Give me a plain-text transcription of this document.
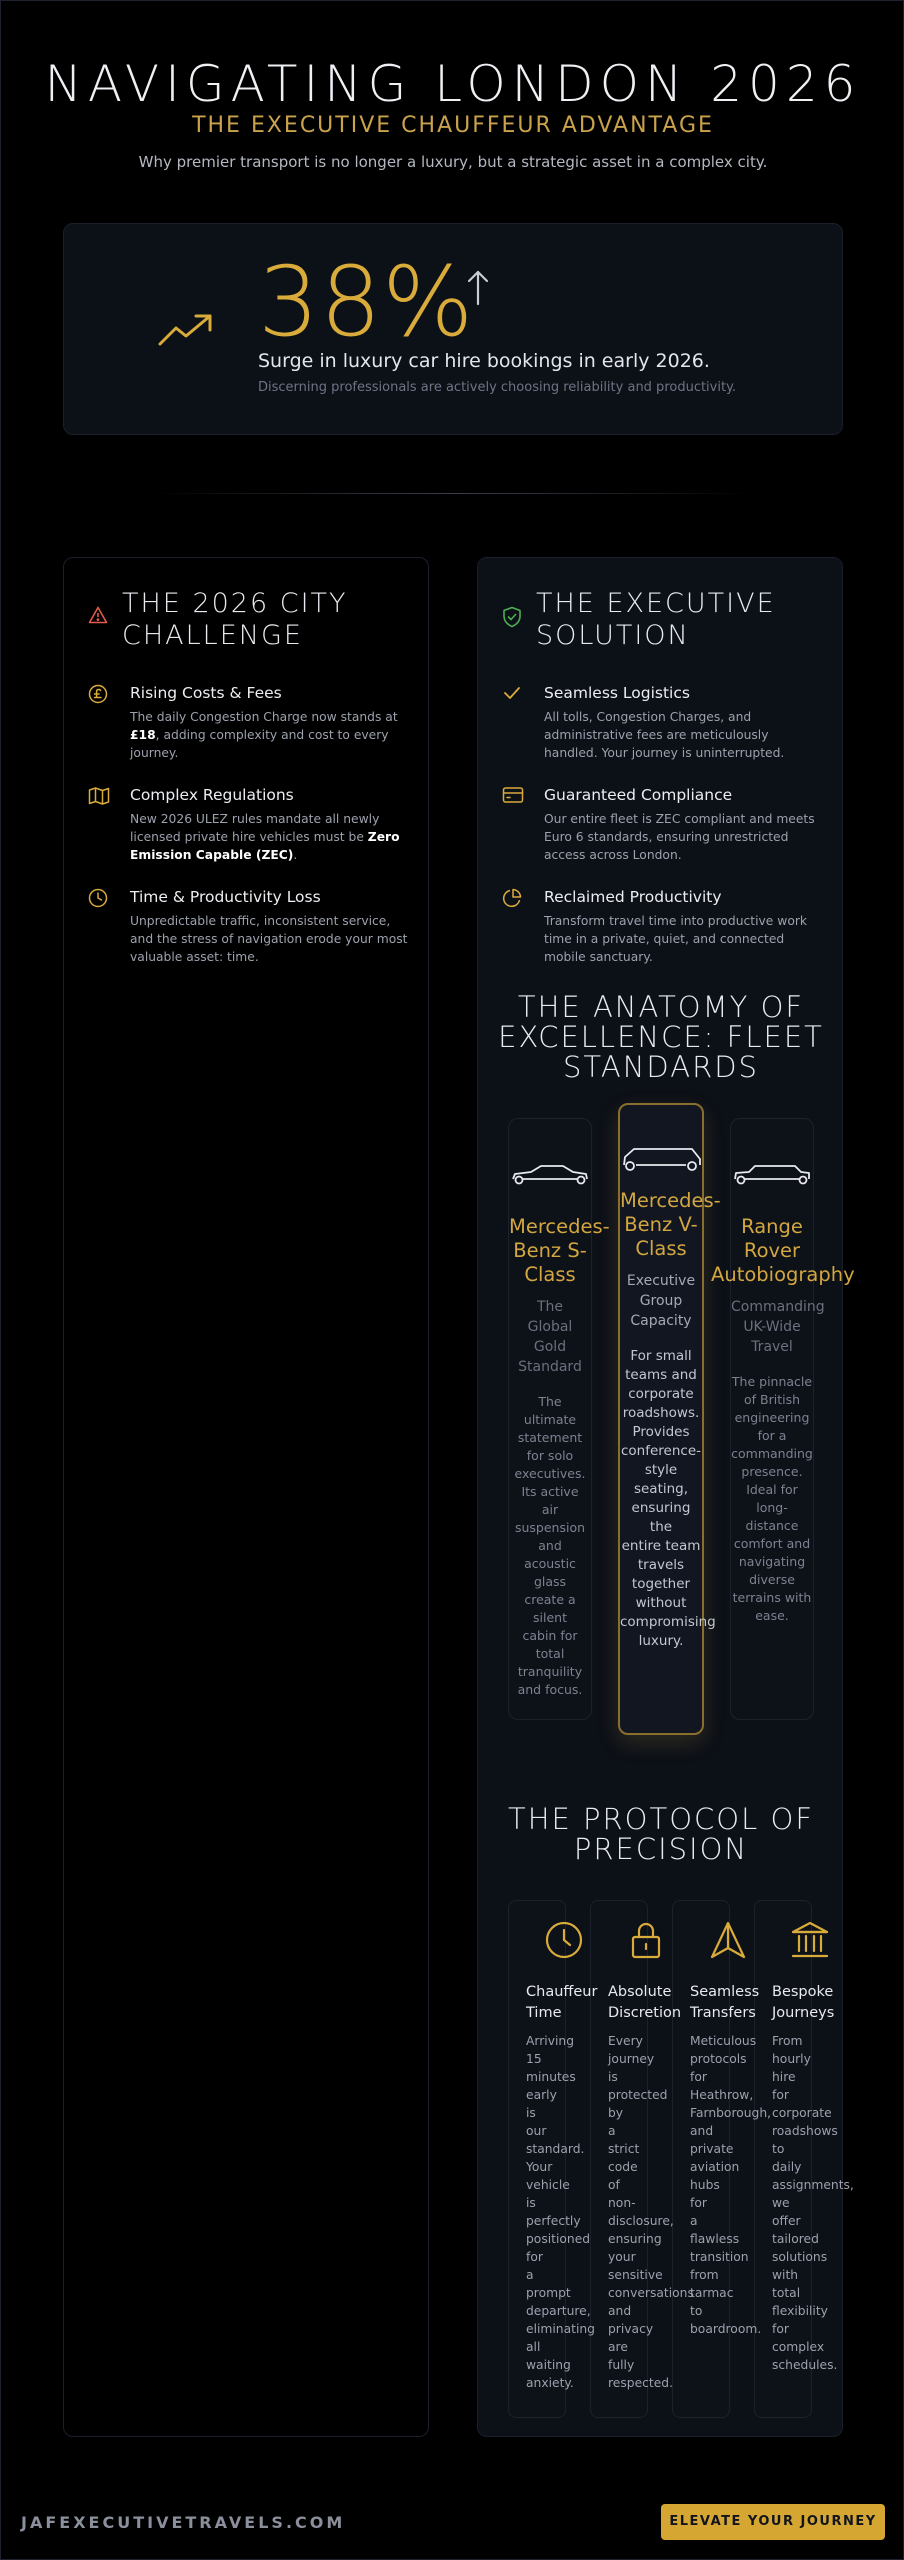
NAVIGATING LONDON 2026
THE EXECUTIVE CHAUFFEUR ADVANTAGE
Why premier transport is no longer a luxury, but a strategic asset in a complex city.
38%
Surge in luxury car hire bookings in early 2026.
Discerning professionals are actively choosing reliability and productivity.
THE 2026 CITY
CHALLENGE
Rising Costs & Fees
The daily Congestion Charge now stands at £18, adding complexity and cost to every journey.
Complex Regulations
New 2026 ULEZ rules mandate all newly licensed private hire vehicles must be Zero Emission Capable (ZEC).
Time & Productivity Loss
Unpredictable traffic, inconsistent service, and the stress of navigation erode your most valuable asset: time.
THE EXECUTIVE
SOLUTION
Seamless Logistics
All tolls, Congestion Charges, and administrative fees are meticulously handled. Your journey is uninterrupted.
Guaranteed Compliance
Our entire fleet is ZEC compliant and meets Euro 6 standards, ensuring unrestricted access across London.
Reclaimed Productivity
Transform travel time into productive work time in a private, quiet, and connected mobile sanctuary.
THE ANATOMY OF
EXCELLENCE: FLEET
STANDARDS
Mercedes-
Benz S-
Class
The
Global
Gold
Standard
The
ultimate
statement
for solo
executives.
Its active
air
suspension
and
acoustic
glass
create a
silent
cabin for
total
tranquility
and focus.
Mercedes-
Benz V-
Class
Executive
Group
Capacity
For small
teams and
corporate
roadshows.
Provides
conference-
style seating,
ensuring the
entire team
travels
together
without
compromising
luxury.
Range Rover
Autobiography
Commanding
UK-Wide
Travel
The pinnacle
of British
engineering
for a
commanding
presence.
Ideal for
long-
distance
comfort and
navigating
diverse
terrains with
ease.
THE PROTOCOL OF
PRECISION
Chauffeur
Time
Arriving
15
minutes
early
is
our
standard.
Your
vehicle
is
perfectly
positioned
for
a
prompt
departure,
eliminating
all
waiting
anxiety.
Absolute
Discretion
Every
journey
is
protected
by
a
strict
code
of
non-
disclosure,
ensuring
your
sensitive
conversations
and
privacy
are
fully
respected.
Seamless
Transfers
Meticulous
protocols
for
Heathrow,
Farnborough,
and
private
aviation
hubs
for
a
flawless
transition
from
tarmac
to
boardroom.
Bespoke
Journeys
From
hourly
hire
for
corporate
roadshows
to
daily
assignments,
we
offer
tailored
solutions
with
total
flexibility
for
complex
schedules.
JAFEXECUTIVETRAVELS.COM	ELEVATE YOUR JOURNEY
